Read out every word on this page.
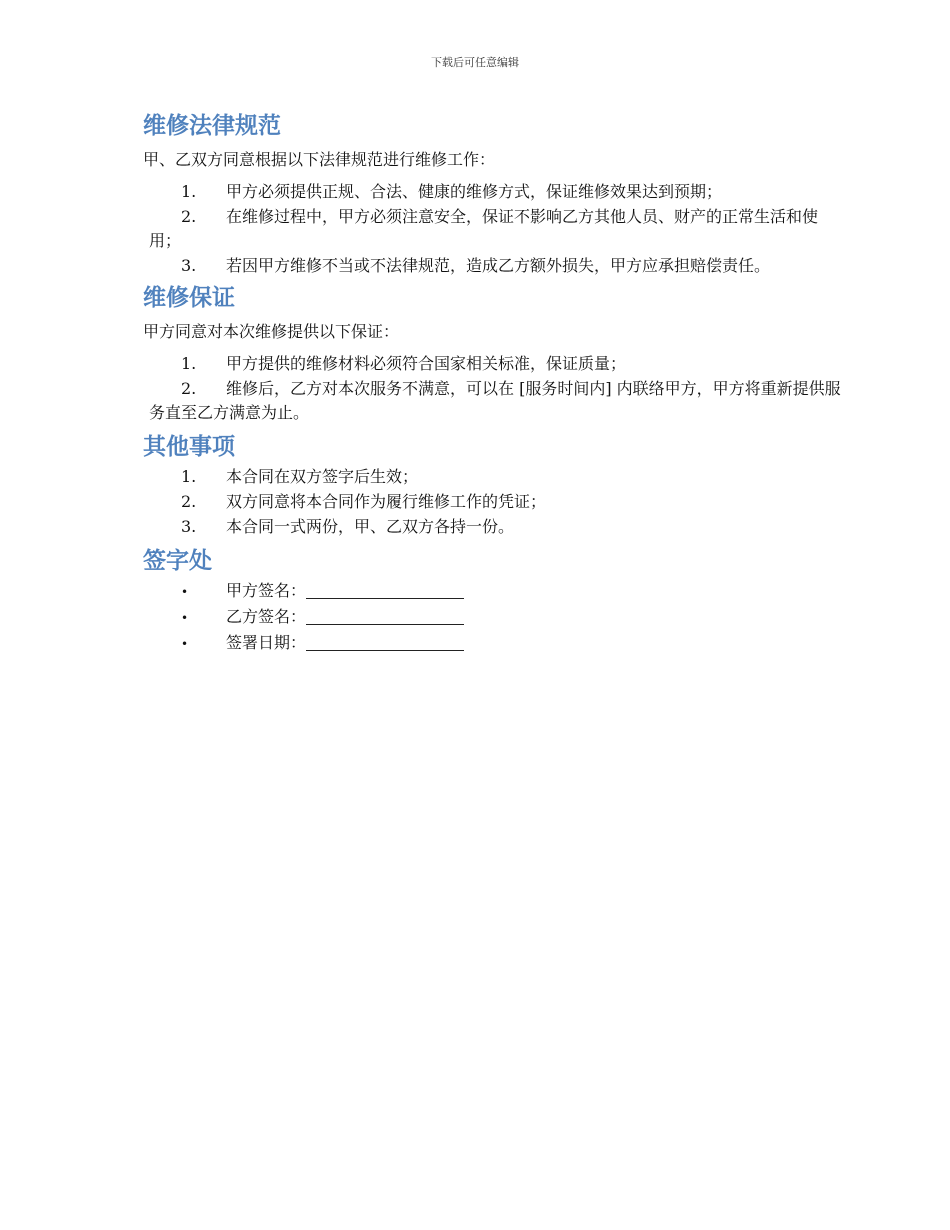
下载后可任意编辑
维修法律规范

甲、乙双方同意根据以下法律规范进行维修工作：

1. 甲方必须提供正规、合法、健康的维修方式，保证维修效果达到预期；
2. 在维修过程中，甲方必须注意安全，保证不影响乙方其他人员、财产的正常生活和使用；
3. 若因甲方维修不当或不法律规范，造成乙方额外损失，甲方应承担赔偿责任。
维修保证

甲方同意对本次维修提供以下保证：

1. 甲方提供的维修材料必须符合国家相关标准，保证质量；
2. 维修后，乙方对本次服务不满意，可以在 [服务时间内] 内联络甲方，甲方将重新提供服务直至乙方满意为止。
其他事项
1. 本合同在双方签字后生效；
2. 双方同意将本合同作为履行维修工作的凭证；
3. 本合同一式两份，甲、乙双方各持一份。
签字处
• 甲方签名：
• 乙方签名：
• 签署日期：
